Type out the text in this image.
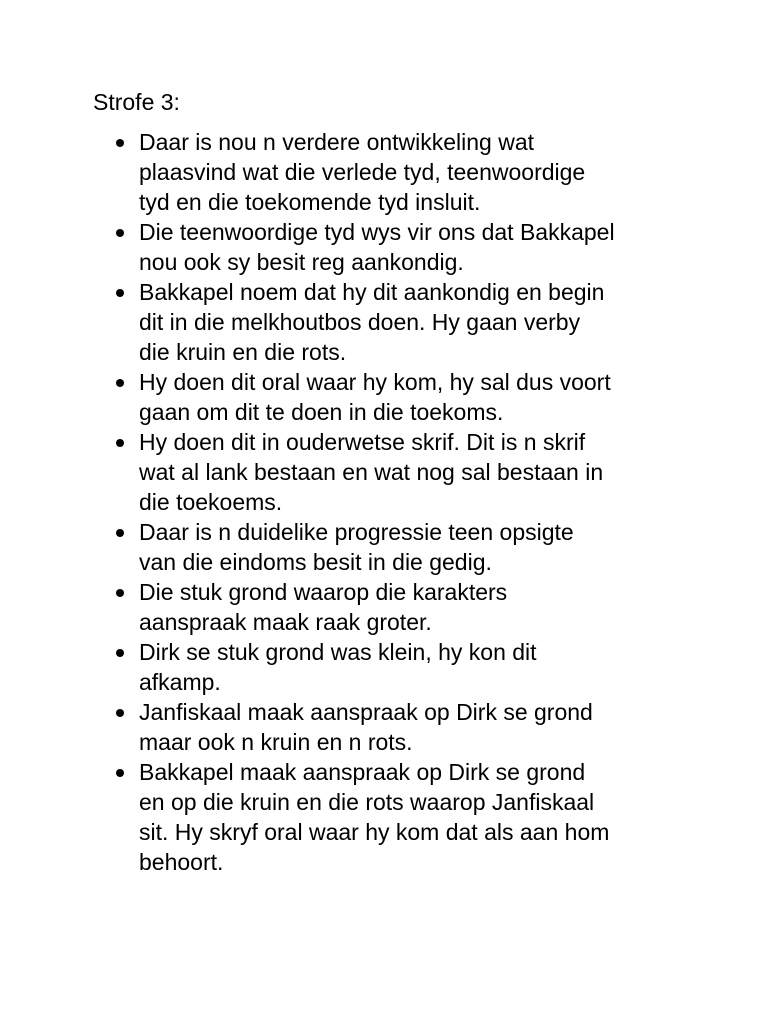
Strofe 3:
Daar is nou n verdere ontwikkeling wat
plaasvind wat die verlede tyd, teenwoordige
tyd en die toekomende tyd insluit.
Die teenwoordige tyd wys vir ons dat Bakkapel
nou ook sy besit reg aankondig.
Bakkapel noem dat hy dit aankondig en begin
dit in die melkhoutbos doen. Hy gaan verby
die kruin en die rots.
Hy doen dit oral waar hy kom, hy sal dus voort
gaan om dit te doen in die toekoms.
Hy doen dit in ouderwetse skrif. Dit is n skrif
wat al lank bestaan en wat nog sal bestaan in
die toekoems.
Daar is n duidelike progressie teen opsigte
van die eindoms besit in die gedig.
Die stuk grond waarop die karakters
aanspraak maak raak groter.
Dirk se stuk grond was klein, hy kon dit
afkamp.
Janfiskaal maak aanspraak op Dirk se grond
maar ook n kruin en n rots.
Bakkapel maak aanspraak op Dirk se grond
en op die kruin en die rots waarop Janfiskaal
sit. Hy skryf oral waar hy kom dat als aan hom
behoort.
